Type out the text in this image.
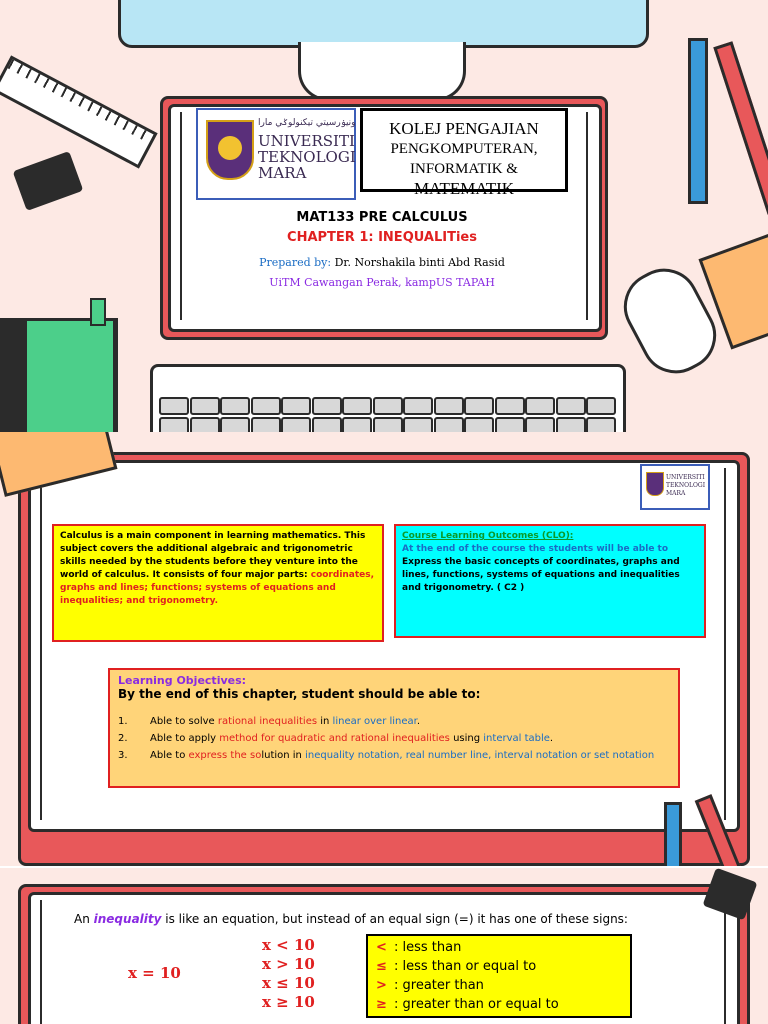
ونيۏرسيتي تيكنولوݢي مارا
UNIVERSITI
TEKNOLOGI
MARA
KOLEJ PENGAJIAN
PENGKOMPUTERAN, INFORMATIK &
MATEMATIK
MAT133 PRE CALCULUS
CHAPTER 1: INEQUALITies
Prepared by: Dr. Norshakila binti Abd Rasid
UiTM Cawangan Perak, kampUS TAPAH
UNIVERSITI
TEKNOLOGI
MARA
Calculus is a main component in learning mathematics. This subject covers the additional algebraic and trigonometric skills needed by the students before they venture into the world of calculus. It consists of four major parts: coordinates, graphs and lines; functions; systems of equations and inequalities; and trigonometry.
Course Learning Outcomes (CLO):
At the end of the course the students will be able to
Express the basic concepts of coordinates, graphs and lines, functions, systems of equations and inequalities and trigonometry. ( C2 )
Learning Objectives:
By the end of this chapter, student should be able to:
1. Able to solve rational inequalities in linear over linear.
2. Able to apply method for quadratic and rational inequalities using interval table.
3. Able to express the solution in inequality notation, real number line, interval notation or set notation
An inequality is like an equation, but instead of an equal sign (=) it has one of these signs:
x = 10
x < 10
x > 10
x ≤ 10
x ≥ 10
< : less than
≤ : less than or equal to
> : greater than
≥ : greater than or equal to
